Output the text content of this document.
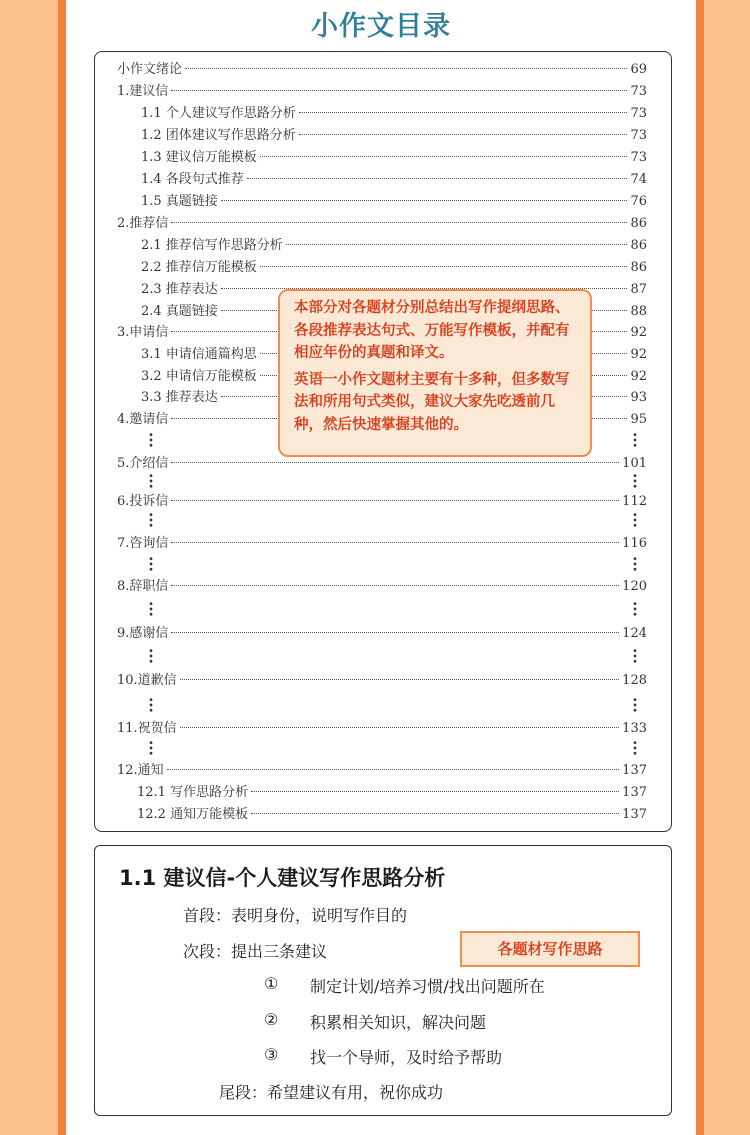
小作文目录
小作文绪论	69
1.建议信	73
1.1 个人建议写作思路分析	73
1.2 团体建议写作思路分析	73
1.3 建议信万能模板	73
1.4 各段句式推荐	74
1.5 真题链接	76
2.推荐信	86
2.1 推荐信写作思路分析	86
2.2 推荐信万能模板	86
2.3 推荐表达	87
2.4 真题链接	88
3.申请信	92
3.1 申请信通篇构思	92
3.2 申请信万能模板	92
3.3 推荐表达	93
4.邀请信	95
5.介绍信	101
6.投诉信	112
7.咨询信	116
8.辞职信	120
9.感谢信	124
10.道歉信	128
11.祝贺信	133
12.通知	137
12.1 写作思路分析	137
12.2 通知万能模板	137

本部分对各题材分别总结出写作提纲思路、各段推荐表达句式、万能写作模板，并配有相应年份的真题和译文。

英语一小作文题材主要有十多种，但多数写法和所用句式类似，建议大家先吃透前几种，然后快速掌握其他的。

1.1 建议信-个人建议写作思路分析
首段：表明身份，说明写作目的
次段：提出三条建议	各题材写作思路
① 制定计划/培养习惯/找出问题所在
② 积累相关知识，解决问题
③ 找一个导师，及时给予帮助
尾段：希望建议有用，祝你成功
